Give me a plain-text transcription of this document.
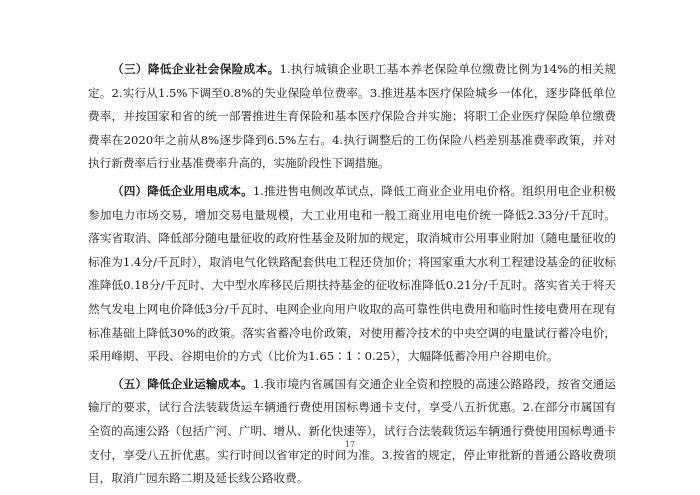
（三）降低企业社会保险成本。1.执行城镇企业职工基本养老保险单位缴费比例为14%的相关规定。2.实行从1.5%下调至0.8%的失业保险单位费率。3.推进基本医疗保险城乡一体化，逐步降低单位费率，并按国家和省的统一部署推进生育保险和基本医疗保险合并实施；将职工企业医疗保险单位缴费费率在2020年之前从8%逐步降到6.5%左右。4.执行调整后的工伤保险八档差别基准费率政策，并对执行新费率后行业基准费率升高的，实施阶段性下调措施。

（四）降低企业用电成本。1.推进售电侧改革试点，降低工商业企业用电价格。组织用电企业积极参加电力市场交易，增加交易电量规模，大工业用电和一般工商业用电电价统一降低2.33分/千瓦时。落实省取消、降低部分随电量征收的政府性基金及附加的规定，取消城市公用事业附加（随电量征收的标准为1.4分/千瓦时），取消电气化铁路配套供电工程还贷加价；将国家重大水利工程建设基金的征收标准降低0.18分/千瓦时、大中型水库移民后期扶持基金的征收标准降低0.21分/千瓦时。落实省关于将天然气发电上网电价降低3分/千瓦时、电网企业向用户收取的高可靠性供电费用和临时性接电费用在现有标准基础上降低30%的政策。落实省蓄冷电价政策，对使用蓄冷技术的中央空调的电量试行蓄冷电价，采用峰期、平段、谷期电价的方式（比价为1.65∶1∶0.25），大幅降低蓄冷用户谷期电价。

（五）降低企业运输成本。1.我市境内省属国有交通企业全资和控股的高速公路路段，按省交通运输厅的要求，试行合法装载货运车辆通行费使用国标粤通卡支付，享受八五折优惠。2.在部分市属国有全资的高速公路（包括广河、广明、增从、新化快速等），试行合法装载货运车辆通行费使用国标粤通卡支付，享受八五折优惠。实行时间以省审定的时间为准。3.按省的规定，停止审批新的普通公路收费项目，取消广园东路二期及延长线公路收费。

17
